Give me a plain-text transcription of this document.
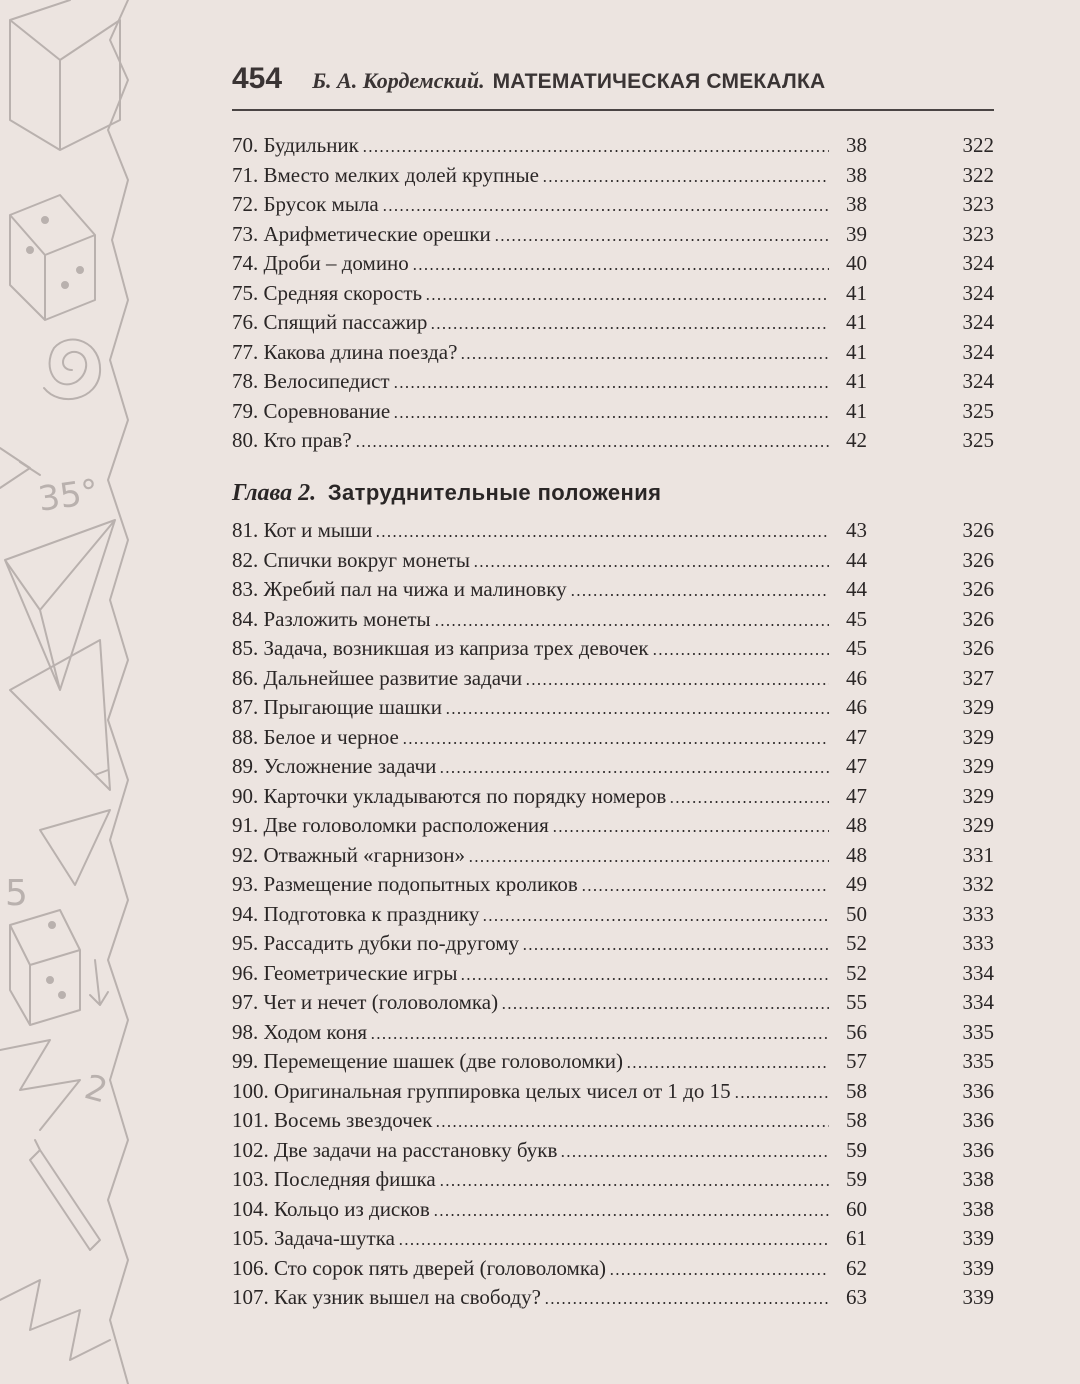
35°
5
2
454 Б. А. Кордемский. МАТЕМАТИЧЕСКАЯ СМЕКАЛКА
70. Будильник	38	322
71. Вместо мелких долей крупные	38	322
72. Брусок мыла	38	323
73. Арифметические орешки	39	323
74. Дроби – домино	40	324
75. Средняя скорость	41	324
76. Спящий пассажир	41	324
77. Какова длина поезда?	41	324
78. Велосипедист	41	324
79. Соревнование	41	325
80. Кто прав?	42	325
Глава 2. Затруднительные положения
81. Кот и мыши	43	326
82. Спички вокруг монеты	44	326
83. Жребий пал на чижа и малиновку	44	326
84. Разложить монеты	45	326
85. Задача, возникшая из каприза трех девочек	45	326
86. Дальнейшее развитие задачи	46	327
87. Прыгающие шашки	46	329
88. Белое и черное	47	329
89. Усложнение задачи	47	329
90. Карточки укладываются по порядку номеров	47	329
91. Две головоломки расположения	48	329
92. Отважный «гарнизон»	48	331
93. Размещение подопытных кроликов	49	332
94. Подготовка к празднику	50	333
95. Рассадить дубки по-другому	52	333
96. Геометрические игры	52	334
97. Чет и нечет (головоломка)	55	334
98. Ходом коня	56	335
99. Перемещение шашек (две головоломки)	57	335
100. Оригинальная группировка целых чисел от 1 до 15	58	336
101. Восемь звездочек	58	336
102. Две задачи на расстановку букв	59	336
103. Последняя фишка	59	338
104. Кольцо из дисков	60	338
105. Задача-шутка	61	339
106. Сто сорок пять дверей (головоломка)	62	339
107. Как узник вышел на свободу?	63	339
